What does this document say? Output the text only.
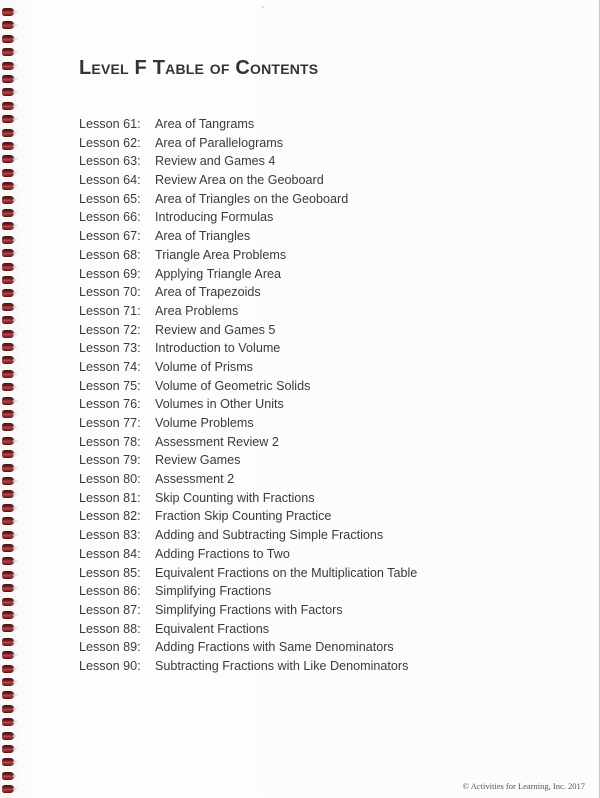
Level F Table of Contents
Lesson 61: Area of Tangrams
Lesson 62: Area of Parallelograms
Lesson 63: Review and Games 4
Lesson 64: Review Area on the Geoboard
Lesson 65: Area of Triangles on the Geoboard
Lesson 66: Introducing Formulas
Lesson 67: Area of Triangles
Lesson 68: Triangle Area Problems
Lesson 69: Applying Triangle Area
Lesson 70: Area of Trapezoids
Lesson 71: Area Problems
Lesson 72: Review and Games 5
Lesson 73: Introduction to Volume
Lesson 74: Volume of Prisms
Lesson 75: Volume of Geometric Solids
Lesson 76: Volumes in Other Units
Lesson 77: Volume Problems
Lesson 78: Assessment Review 2
Lesson 79: Review Games
Lesson 80: Assessment 2
Lesson 81: Skip Counting with Fractions
Lesson 82: Fraction Skip Counting Practice
Lesson 83: Adding and Subtracting Simple Fractions
Lesson 84: Adding Fractions to Two
Lesson 85: Equivalent Fractions on the Multiplication Table
Lesson 86: Simplifying Fractions
Lesson 87: Simplifying Fractions with Factors
Lesson 88: Equivalent Fractions
Lesson 89: Adding Fractions with Same Denominators
Lesson 90: Subtracting Fractions with Like Denominators
© Activities for Learning, Inc. 2017
